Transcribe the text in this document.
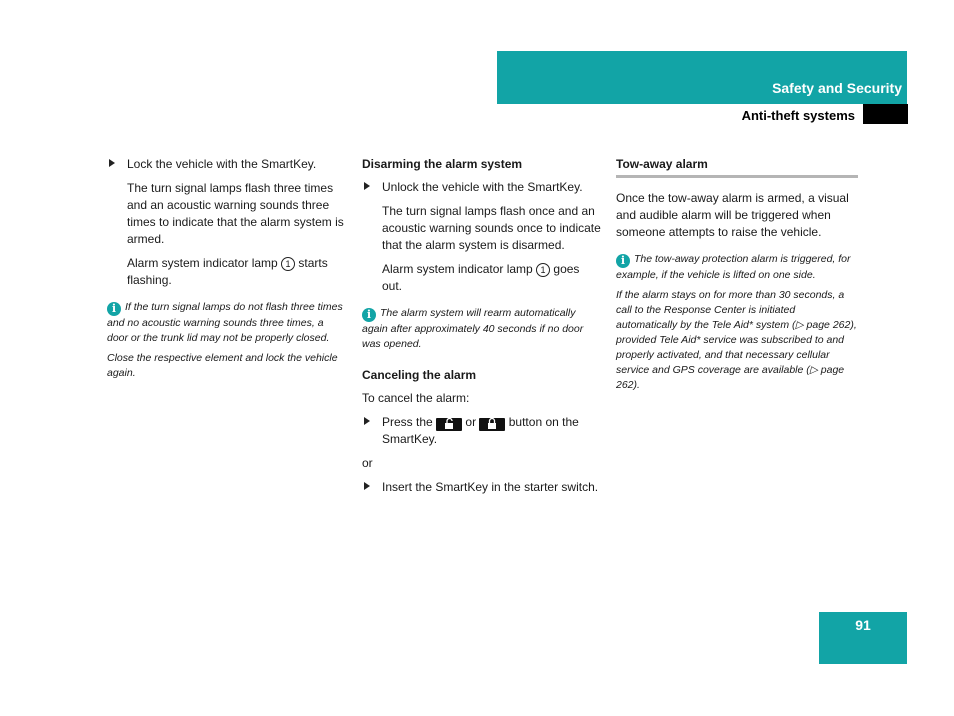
Safety and Security
Anti-theft systems
Lock the vehicle with the SmartKey.
The turn signal lamps flash three times and an acoustic warning sounds three times to indicate that the alarm system is armed.
Alarm system indicator lamp 1 starts flashing.
i If the turn signal lamps do not flash three times and no acoustic warning sounds three times, a door or the trunk lid may not be properly closed.
Close the respective element and lock the vehicle again.
Disarming the alarm system
Unlock the vehicle with the SmartKey.
The turn signal lamps flash once and an acoustic warning sounds once to indicate that the alarm system is disarmed.
Alarm system indicator lamp 1 goes out.
i The alarm system will rearm automatically again after approximately 40 seconds if no door was opened.
Canceling the alarm

To cancel the alarm:

Press the	or	button on the SmartKey.

or

Insert the SmartKey in the starter switch.
Tow-away alarm

Once the tow-away alarm is armed, a visual and audible alarm will be triggered when someone attempts to raise the vehicle.

i The tow-away protection alarm is triggered, for example, if the vehicle is lifted on one side.
If the alarm stays on for more than 30 seconds, a call to the Response Center is initiated automatically by the Tele Aid* system (▷ page 262), provided Tele Aid* service was subscribed to and properly activated, and that necessary cellular service and GPS coverage are available (▷ page 262).
91
